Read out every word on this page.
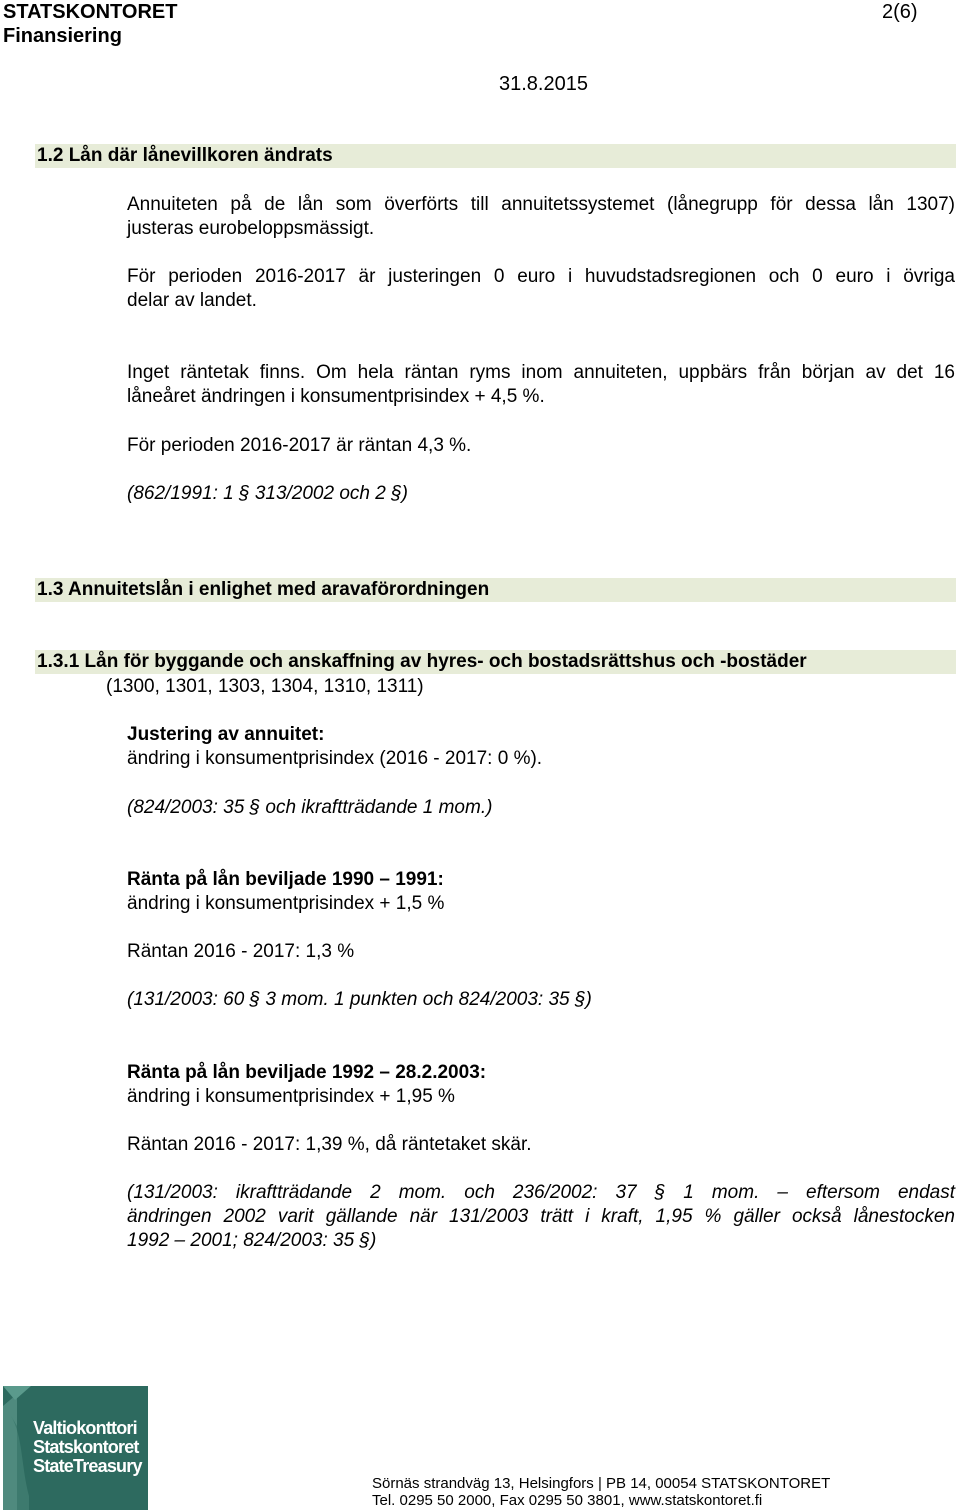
STATSKONTORET	2(6)
Finansiering
31.8.2015
1.2 Lån där lånevillkoren ändrats
Annuiteten på de lån som överförts till annuitetssystemet (lånegrupp för dessa lån 1307)
justeras eurobeloppsmässigt.
För perioden 2016-2017 är justeringen 0 euro i huvudstadsregionen och 0 euro i övriga
delar av landet.
Inget räntetak finns. Om hela räntan ryms inom annuiteten, uppbärs från början av det 16
låneåret ändringen i konsumentprisindex + 4,5 %.
För perioden 2016-2017 är räntan 4,3 %.
(862/1991: 1 § 313/2002 och 2 §)
1.3 Annuitetslån i enlighet med aravaförordningen
1.3.1 Lån för byggande och anskaffning av hyres- och bostadsrättshus och -bostäder
(1300, 1301, 1303, 1304, 1310, 1311)
Justering av annuitet:
ändring i konsumentprisindex (2016 - 2017: 0 %).
(824/2003: 35 § och ikraftträdande 1 mom.)
Ränta på lån beviljade 1990 – 1991:
ändring i konsumentprisindex + 1,5 %
Räntan 2016 - 2017: 1,3 %
(131/2003: 60 § 3 mom. 1 punkten och 824/2003: 35 §)
Ränta på lån beviljade 1992 – 28.2.2003:
ändring i konsumentprisindex + 1,95 %
Räntan 2016 - 2017: 1,39 %, då räntetaket skär.
(131/2003: ikraftträdande 2 mom. och 236/2002: 37 § 1 mom. – eftersom endast
ändringen 2002 varit gällande när 131/2003 trätt i kraft, 1,95 % gäller också lånestocken
1992 – 2001; 824/2003: 35 §)
Valtiokonttori
Statskontoret
StateTreasury
Sörnäs strandväg 13, Helsingfors | PB 14, 00054 STATSKONTORET
Tel. 0295 50 2000, Fax 0295 50 3801, www.statskontoret.fi
